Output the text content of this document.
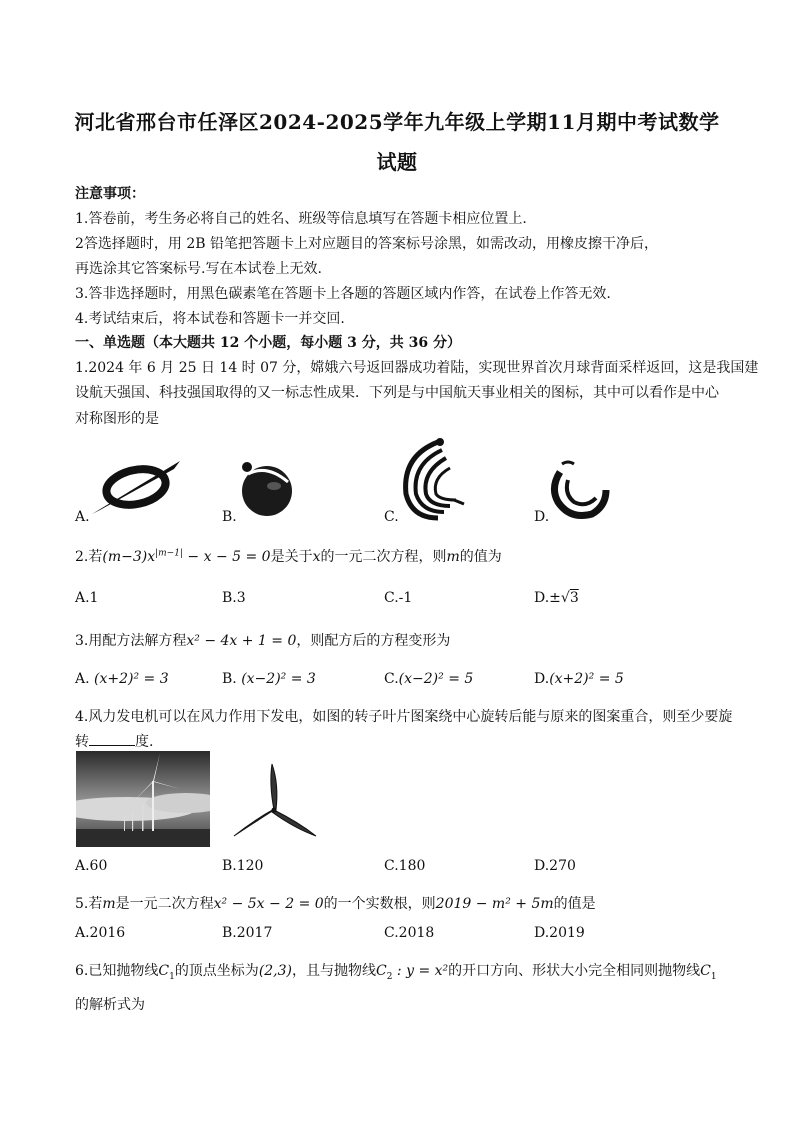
河北省邢台市任泽区2024-2025学年九年级上学期11月期中考试数学
试题
注意事项：
1.答卷前，考生务必将自己的姓名、班级等信息填写在答题卡相应位置上.
2答选择题时，用 2B 铅笔把答题卡上对应题目的答案标号涂黑，如需改动，用橡皮擦干净后，
再选涂其它答案标号.写在本试卷上无效.
3.答非选择题时，用黑色碳素笔在答题卡上各题的答题区域内作答，在试卷上作答无效.
4.考试结束后，将本试卷和答题卡一并交回.
一、单选题（本大题共 12 个小题，每小题 3 分，共 36 分）
1.2024 年 6 月 25 日 14 时 07 分，嫦娥六号返回器成功着陆，实现世界首次月球背面采样返回，这是我国建
设航天强国、科技强国取得的又一标志性成果．下列是与中国航天事业相关的图标，其中可以看作是中心
对称图形的是
A.	B.	C.	D.
2.若$(m-3)x^{|m-1|} - x - 5 = 0$是关于x的一元二次方程，则m的值为
A.1	B.3	C.-1	D.±√3
3.用配方法解方程x² − 4x + 1 = 0，则配方后的方程变形为
A. (x+2)² = 3	B. (x−2)² = 3	C.(x−2)² = 5	D.(x+2)² = 5
4.风力发电机可以在风力作用下发电，如图的转子叶片图案绕中心旋转后能与原来的图案重合，则至少要旋
转	度.
A.60	B.120	C.180	D.270
5.若m是一元二次方程x² − 5x − 2 = 0的一个实数根，则2019 − m² + 5m的值是
A.2016	B.2017	C.2018	D.2019
6.已知抛物线$C_1$的顶点坐标为(2,3)，且与抛物线$C_2$ : y = x²的开口方向、形状大小完全相同则抛物线$C_1$
的解析式为
